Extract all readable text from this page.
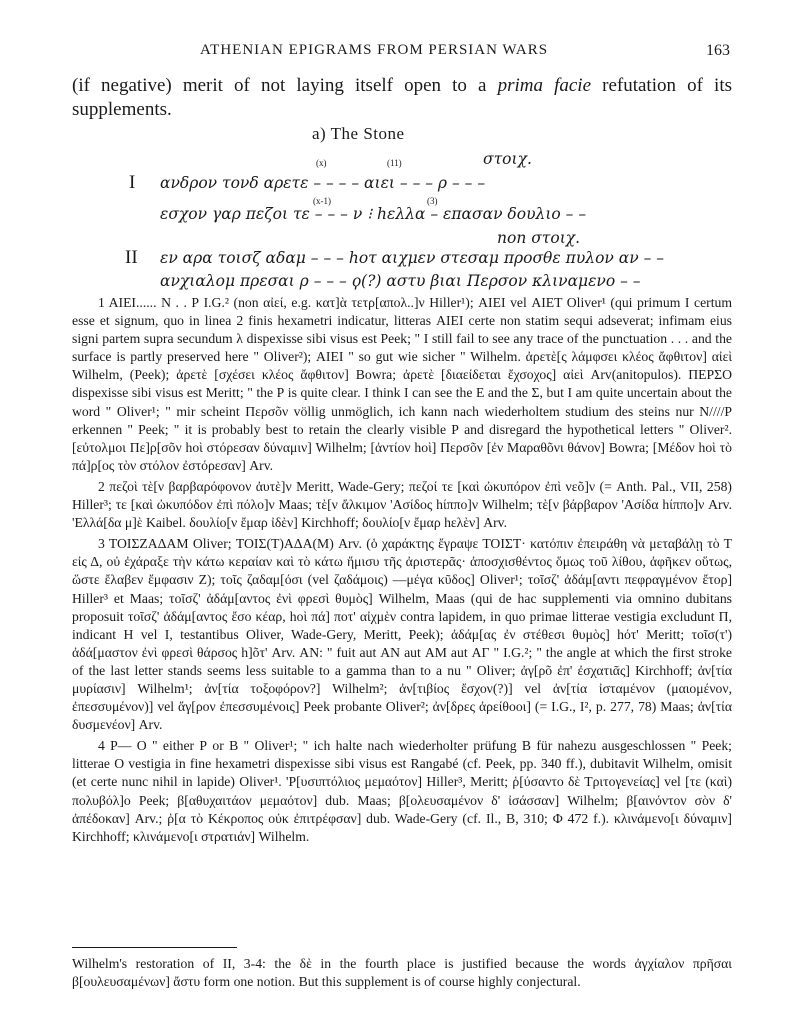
ATHENIAN EPIGRAMS FROM PERSIAN WARS	163
(if negative) merit of not laying itself open to a prima facie refutation of its supplements.
a) The Stone
(x)	(11)	στοιχ.
I ανδρον τονδ αρετε – – – – αιει – – – ρ – – –
(x-1)	(3)
εσχον γαρ πεζοι τε – – – ν ⁝ hελλα – επασαν δουλιο – –
non στοιχ.
II εν αρα τοισζ αδαμ – – – hοτ αιχμεν στεσαμ προσθε πυλον αν – –
ανχιαλομ πρεσαι ρ – – – ϙ(?) αστυ βιαι Περσον κλιναμενο – –

1 ΑΙΕΙ...... Ν . . Ρ I.G.² (non αἰεί, e.g. κατ]ὰ τετρ[απολ..]ν Hiller¹); ΑΙΕΙ vel ΑΙΕΤ Oliver¹ (qui primum I certum esse et signum, quo in linea 2 finis hexametri indicatur, litteras ΑΙΕΙ certe non statim sequi adseverat; infimam eius signi partem supra secundum λ dispexisse sibi visus est Peek; " I still fail to see any trace of the punctuation . . . and the surface is partly preserved here " Oliver²); ΑΙΕΙ " so gut wie sicher " Wilhelm. ἀρετὲ[ς λάμφσει κλέος ἄφθιτον] αἰεὶ Wilhelm, (Peek); ἀρετὲ [σχέσει κλέος ἄφθιτον] Bowra; ἀρετὲ [διαείδεται ἔχσοχος] αἰεὶ Arv(anitopulos). ΠΕΡΣΟ dispexisse sibi visus est Meritt; " the Ρ is quite clear. I think I can see the Ε and the Σ, but I am quite uncertain about the word " Oliver¹; " mir scheint Περσõν völlig unmöglich, ich kann nach wiederholtem studium des steins nur Ν////Ρ erkennen " Peek; " it is probably best to retain the clearly visible Ρ and disregard the hypothetical letters " Oliver². [εὐτολμοι Πε]ρ[σõν hοὶ στόρεσαν δύναμιν] Wilhelm; [ἀντίον hοὶ] Περσõν [ἐν Μαραθõνι θάνον] Bowra; [Μέδον hοὶ τὸ πά]ρ[ος τὸν στόλον ἐστόρεσαν] Arv.

2 πεζοὶ τὲ[ν βαρβαρόφονον ἀυτὲ]ν Meritt, Wade-Gery; πεζοί τε [καὶ ὠκυπόρον ἐπὶ νεõ]ν (= Anth. Pal., VII, 258) Hiller³; τε [καὶ ὠκυπόδον ἐπὶ πόλο]ν Maas; τὲ[ν ἄλκιμον 'Ασίδος hίππο]ν Wilhelm; τὲ[ν βάρβαρον 'Ασίδα hίππο]ν Arv. 'Ελλά[δα μ]ὲ Kaibel. δουλίο[ν ἔμαρ ἰδὲν] Kirchhoff; δουλίο[ν ἔμαρ hελὲν] Arv.

3 ΤΟΙΣΖΑΔΑΜ Oliver; ΤΟΙΣ(Τ)ΑΔΑ(Μ) Arv. (ὁ χαράκτης ἔγραψε ΤΟΙΣΤ· κατόπιν ἐπειράθη νὰ μεταβάλῃ τὸ Τ εἰς Δ, οὐ ἐχάραξε τὴν κάτω κεραίαν καὶ τὸ κάτω ἥμισυ τῆς ἀριστερᾶς· ἀποσχισθέντος ὅμως τοῦ λίθου, ἀφῆκεν οὕτως, ὥστε ἔλαβεν ἔμφασιν Ζ); τοῖς ζαδαμ[όσι (vel ζαδάμοις) —μέγα κῦδος] Oliver¹; τοῖσζ' ἀδάμ[αντι πεφραγμένον ἔτορ] Hiller³ et Maas; τοῖσζ' ἀδάμ[αντος ἐνὶ φρεσὶ θυμὸς] Wilhelm, Maas (qui de hac supplementi via omnino dubitans proposuit τοῖσζ' ἀδάμ[αντος ἔσο κέαρ, hοὶ πά] ποτ' αἰχμὲν contra lapidem, in quo primae litterae vestigia excludunt Π, indicant Η vel Ι, testantibus Oliver, Wade-Gery, Meritt, Peek); ἀδάμ[ας ἐν στέθεσι θυμὸς] hότ' Meritt; τοῖσ(τ') ἀδά[μαστον ἐνὶ φρεσὶ θάρσος h]õτ' Arv. ΑΝ: " fuit aut ΑΝ aut ΑΜ aut ΑΓ " I.G.²; " the angle at which the first stroke of the last letter stands seems less suitable to a gamma than to a nu " Oliver; ἀγ[ρõ ἐπ' ἐσχατιᾶς] Kirchhoff; ἀν[τία μυρίασιν] Wilhelm¹; ἀν[τία τοξοφόρον?] Wilhelm²; ἀν[τιβίος ἔσχον(?)] vel ἀν[τία ἰσταμένον (μαιομένον, ἐπεσσυμένον)] vel ἄγ[ρον ἐπεσσυμένοις] Peek probante Oliver²; ἀν[δρες ἀρείθοοι] (= I.G., I², p. 277, 78) Maas; ἀν[τία δυσμενέον] Arv.

4 Ρ— Ο " either Ρ or Β " Oliver¹; " ich halte nach wiederholter prüfung Β für nahezu ausgeschlossen " Peek; litterae Ο vestigia in fine hexametri dispexisse sibi visus est Rangabé (cf. Peek, pp. 340 ff.), dubitavit Wilhelm, omisit (et certe nunc nihil in lapide) Oliver¹. 'Ρ[υσιπτόλιος μεμαότον] Hiller³, Meritt; ῥ[ύσαντο δὲ Τριτογενείας] vel [τε (καὶ) πολυβόλ]ο Peek; β[αθυχαιτάον μεμαότον] dub. Maas; β[ολευσαμένον δ' ἰσάσσαν] Wilhelm; β[αινόντον σὸν δ' ἀπέδοκαν] Arv.; ῥ[α τὸ Κέκροπος οὐκ ἐπιτρέφσαν] dub. Wade-Gery (cf. Il., Β, 310; Φ 472 f.). κλινάμενο[ι δύναμιν] Kirchhoff; κλινάμενο[ι στρατιάν] Wilhelm.

Wilhelm's restoration of II, 3-4: the δὲ in the fourth place is justified because the words ἀγχίαλον πρῆσαι β[ουλευσαμένων] ἄστυ form one notion. But this supplement is of course highly conjectural.
